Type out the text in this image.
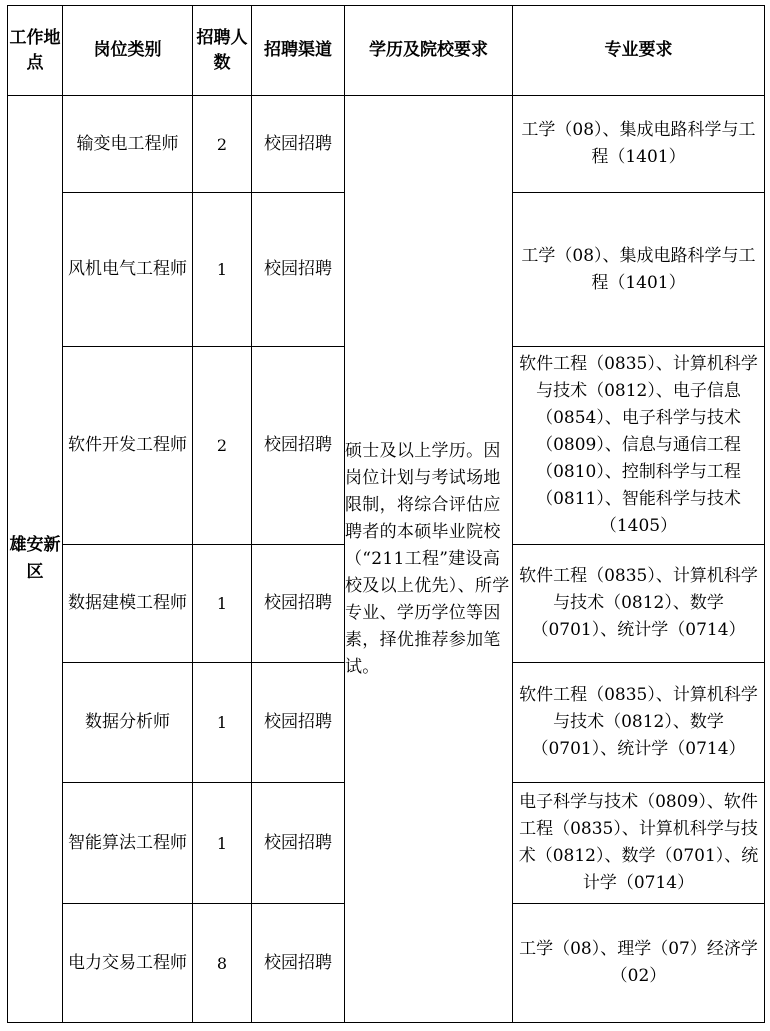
工作地点	岗位类别	招聘人数	招聘渠道	学历及院校要求	专业要求
雄安新区	输变电工程师	2	校园招聘	硕士及以上学历。因岗位计划与考试场地限制，将综合评估应聘者的本硕毕业院校（“211工程”建设高校及以上优先）、所学专业、学历学位等因素，择优推荐参加笔试。	工学（08）、集成电路科学与工程（1401）
	风机电气工程师	1	校园招聘		工学（08）、集成电路科学与工程（1401）
	软件开发工程师	2	校园招聘		软件工程（0835）、计算机科学与技术（0812）、电子信息（0854）、电子科学与技术（0809）、信息与通信工程（0810）、控制科学与工程（0811）、智能科学与技术（1405）
	数据建模工程师	1	校园招聘		软件工程（0835）、计算机科学与技术（0812）、数学（0701）、统计学（0714）
	数据分析师	1	校园招聘		软件工程（0835）、计算机科学与技术（0812）、数学（0701）、统计学（0714）
	智能算法工程师	1	校园招聘		电子科学与技术（0809）、软件工程（0835）、计算机科学与技术（0812）、数学（0701）、统计学（0714）
	电力交易工程师	8	校园招聘		工学（08）、理学（07）经济学（02）
